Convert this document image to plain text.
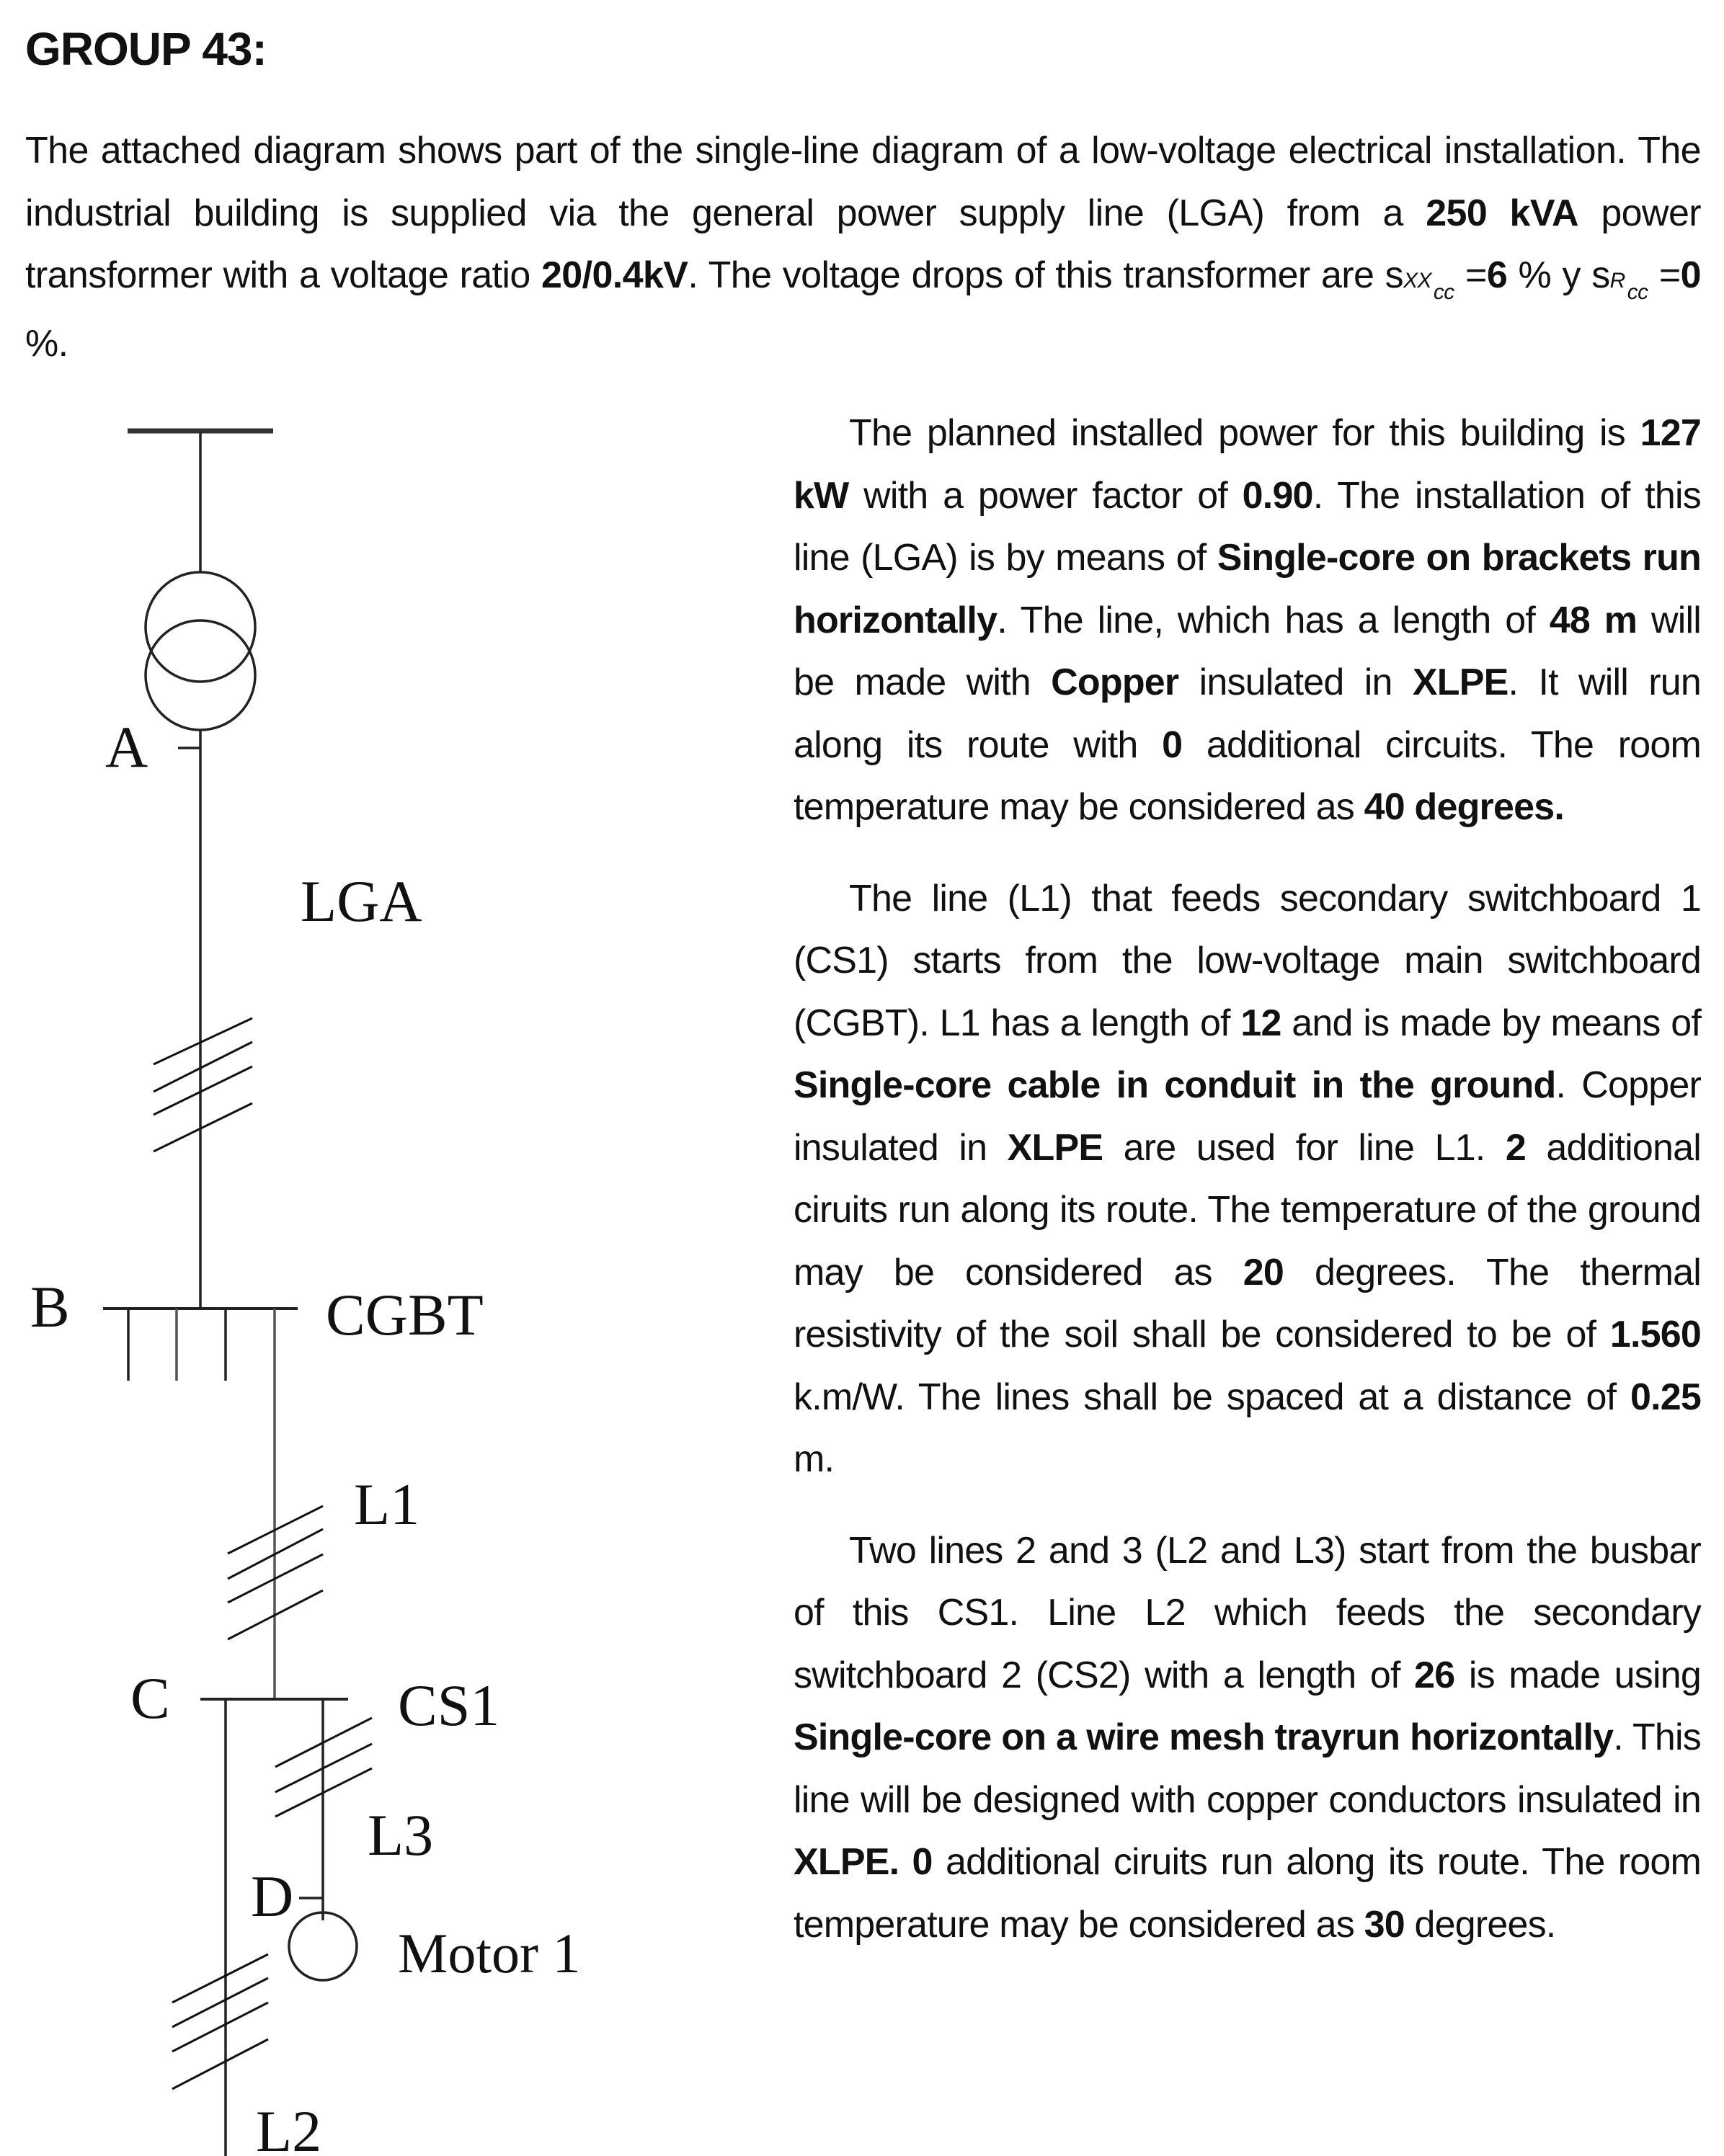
GROUP 43:

The attached diagram shows part of the single-line diagram of a low-voltage electrical installation. The industrial building is supplied via the general power supply line (LGA) from a 250 kVA power transformer with a voltage ratio 20/0.4kV. The voltage drops of this transformer are sXX $_{cc}$ =6 % y sR $_{cc}$ =0 %.

A
LGA
B	CGBT
L1
C	CS1
L3
D
Motor 1
L2

The planned installed power for this building is 127 kW with a power factor of 0.90. The installation of this line (LGA) is by means of Single-core on brackets run horizontally. The line, which has a length of 48 m will be made with Copper insulated in XLPE. It will run along its route with 0 additional circuits. The room temperature may be considered as 40 degrees.

The line (L1) that feeds secondary switchboard 1 (CS1) starts from the low-voltage main switchboard (CGBT). L1 has a length of 12 and is made by means of Single-core cable in conduit in the ground. Copper insulated in XLPE are used for line L1. 2 additional ciruits run along its route. The temperature of the ground may be considered as 20 degrees. The thermal resistivity of the soil shall be considered to be of 1.560 k.m/W. The lines shall be spaced at a distance of 0.25 m.

Two lines 2 and 3 (L2 and L3) start from the busbar of this CS1. Line L2 which feeds the secondary switchboard 2 (CS2) with a length of 26 is made using Single-core on a wire mesh trayrun horizontally. This line will be designed with copper conductors insulated in XLPE. 0 additional ciruits run along its route. The room temperature may be considered as 30 degrees.
